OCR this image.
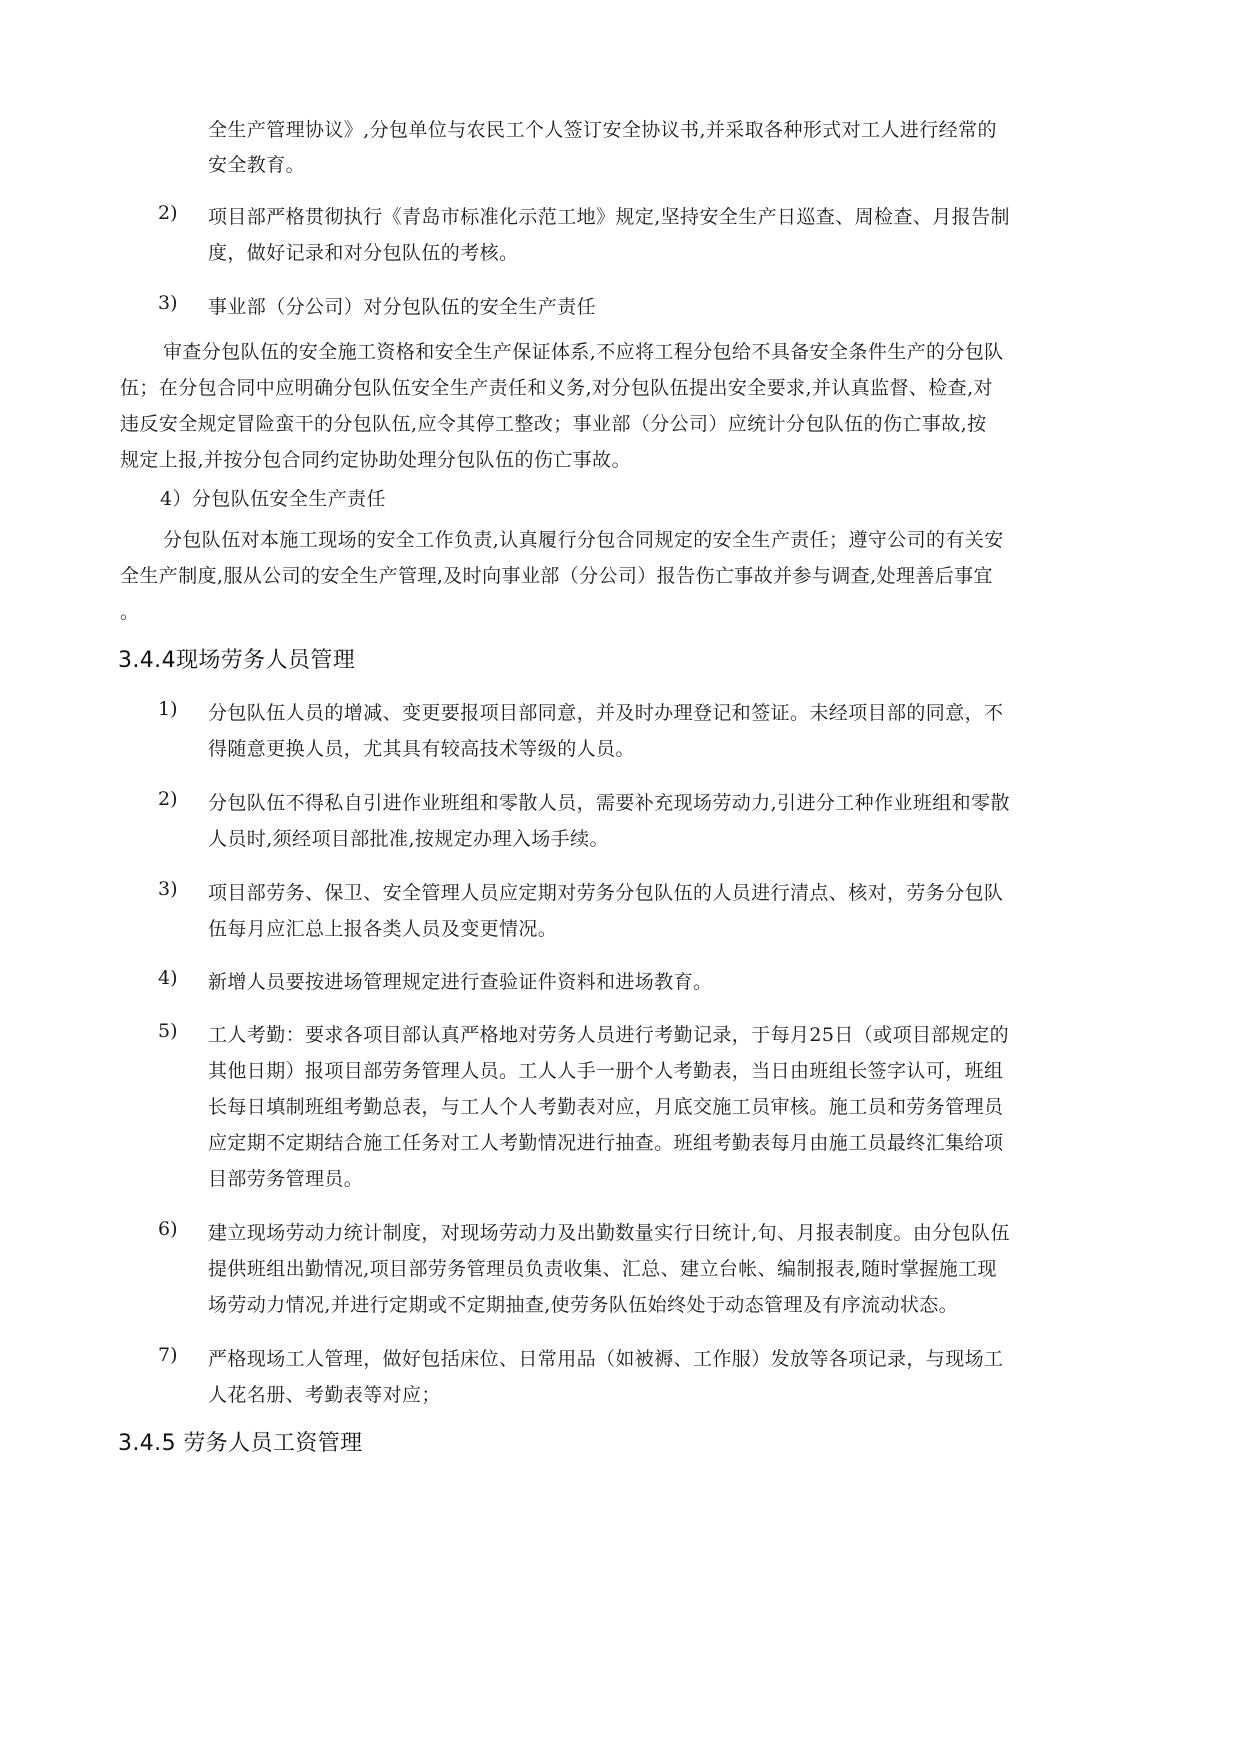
全生产管理协议》,分包单位与农民工个人签订安全协议书,并采取各种形式对工人进行经常的
安全教育。
2) 项目部严格贯彻执行《青岛市标准化示范工地》规定,坚持安全生产日巡查、周检查、月报告制
度，做好记录和对分包队伍的考核。
3) 事业部（分公司）对分包队伍的安全生产责任
审查分包队伍的安全施工资格和安全生产保证体系,不应将工程分包给不具备安全条件生产的分包队
伍；在分包合同中应明确分包队伍安全生产责任和义务,对分包队伍提出安全要求,并认真监督、检查,对
违反安全规定冒险蛮干的分包队伍,应令其停工整改；事业部（分公司）应统计分包队伍的伤亡事故,按
规定上报,并按分包合同约定协助处理分包队伍的伤亡事故。
4）分包队伍安全生产责任
分包队伍对本施工现场的安全工作负责,认真履行分包合同规定的安全生产责任；遵守公司的有关安
全生产制度,服从公司的安全生产管理,及时向事业部（分公司）报告伤亡事故并参与调查,处理善后事宜
。
3.4.4现场劳务人员管理
1) 分包队伍人员的增减、变更要报项目部同意，并及时办理登记和签证。未经项目部的同意，不
得随意更换人员，尤其具有较高技术等级的人员。
2) 分包队伍不得私自引进作业班组和零散人员，需要补充现场劳动力,引进分工种作业班组和零散
人员时,须经项目部批准,按规定办理入场手续。
3) 项目部劳务、保卫、安全管理人员应定期对劳务分包队伍的人员进行清点、核对，劳务分包队
伍每月应汇总上报各类人员及变更情况。
4) 新增人员要按进场管理规定进行查验证件资料和进场教育。
5) 工人考勤：要求各项目部认真严格地对劳务人员进行考勤记录，于每月25日（或项目部规定的
其他日期）报项目部劳务管理人员。工人人手一册个人考勤表，当日由班组长签字认可，班组
长每日填制班组考勤总表，与工人个人考勤表对应，月底交施工员审核。施工员和劳务管理员
应定期不定期结合施工任务对工人考勤情况进行抽查。班组考勤表每月由施工员最终汇集给项
目部劳务管理员。
6) 建立现场劳动力统计制度，对现场劳动力及出勤数量实行日统计,旬、月报表制度。由分包队伍
提供班组出勤情况,项目部劳务管理员负责收集、汇总、建立台帐、编制报表,随时掌握施工现
场劳动力情况,并进行定期或不定期抽查,使劳务队伍始终处于动态管理及有序流动状态。
7) 严格现场工人管理，做好包括床位、日常用品（如被褥、工作服）发放等各项记录，与现场工
人花名册、考勤表等对应；
3.4.5 劳务人员工资管理
